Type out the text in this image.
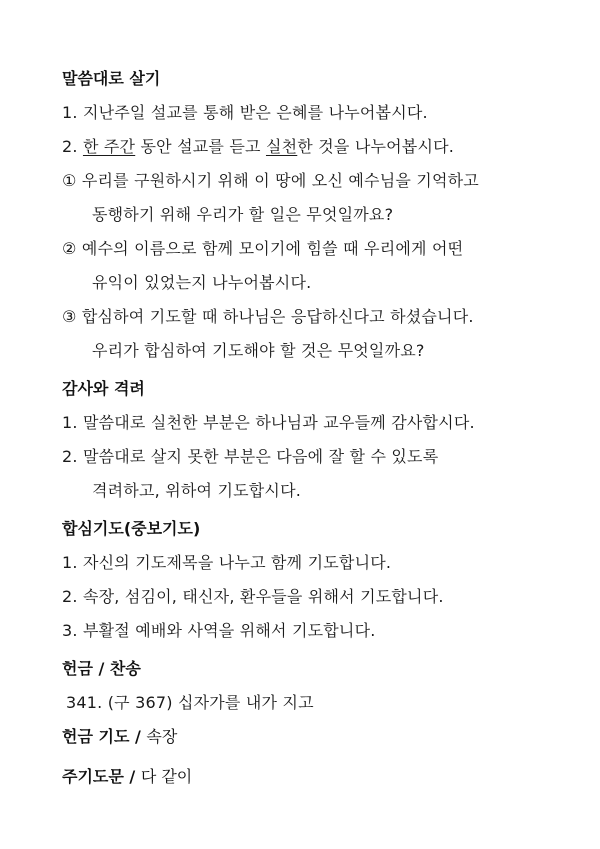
말씀대로 살기
1. 지난주일 설교를 통해 받은 은혜를 나누어봅시다.
2. 한 주간 동안 설교를 듣고 실천한 것을 나누어봅시다.
① 우리를 구원하시기 위해 이 땅에 오신 예수님을 기억하고
동행하기 위해 우리가 할 일은 무엇일까요?
② 예수의 이름으로 함께 모이기에 힘쓸 때 우리에게 어떤
유익이 있었는지 나누어봅시다.
③ 합심하여 기도할 때 하나님은 응답하신다고 하셨습니다.
우리가 합심하여 기도해야 할 것은 무엇일까요?
감사와 격려
1. 말씀대로 실천한 부분은 하나님과 교우들께 감사합시다.
2. 말씀대로 살지 못한 부분은 다음에 잘 할 수 있도록
격려하고, 위하여 기도합시다.
합심기도(중보기도)
1. 자신의 기도제목을 나누고 함께 기도합니다.
2. 속장, 섬김이, 태신자, 환우들을 위해서 기도합니다.
3. 부활절 예배와 사역을 위해서 기도합니다.
헌금 / 찬송
341. (구 367) 십자가를 내가 지고
헌금 기도 / 속장
주기도문 / 다 같이
